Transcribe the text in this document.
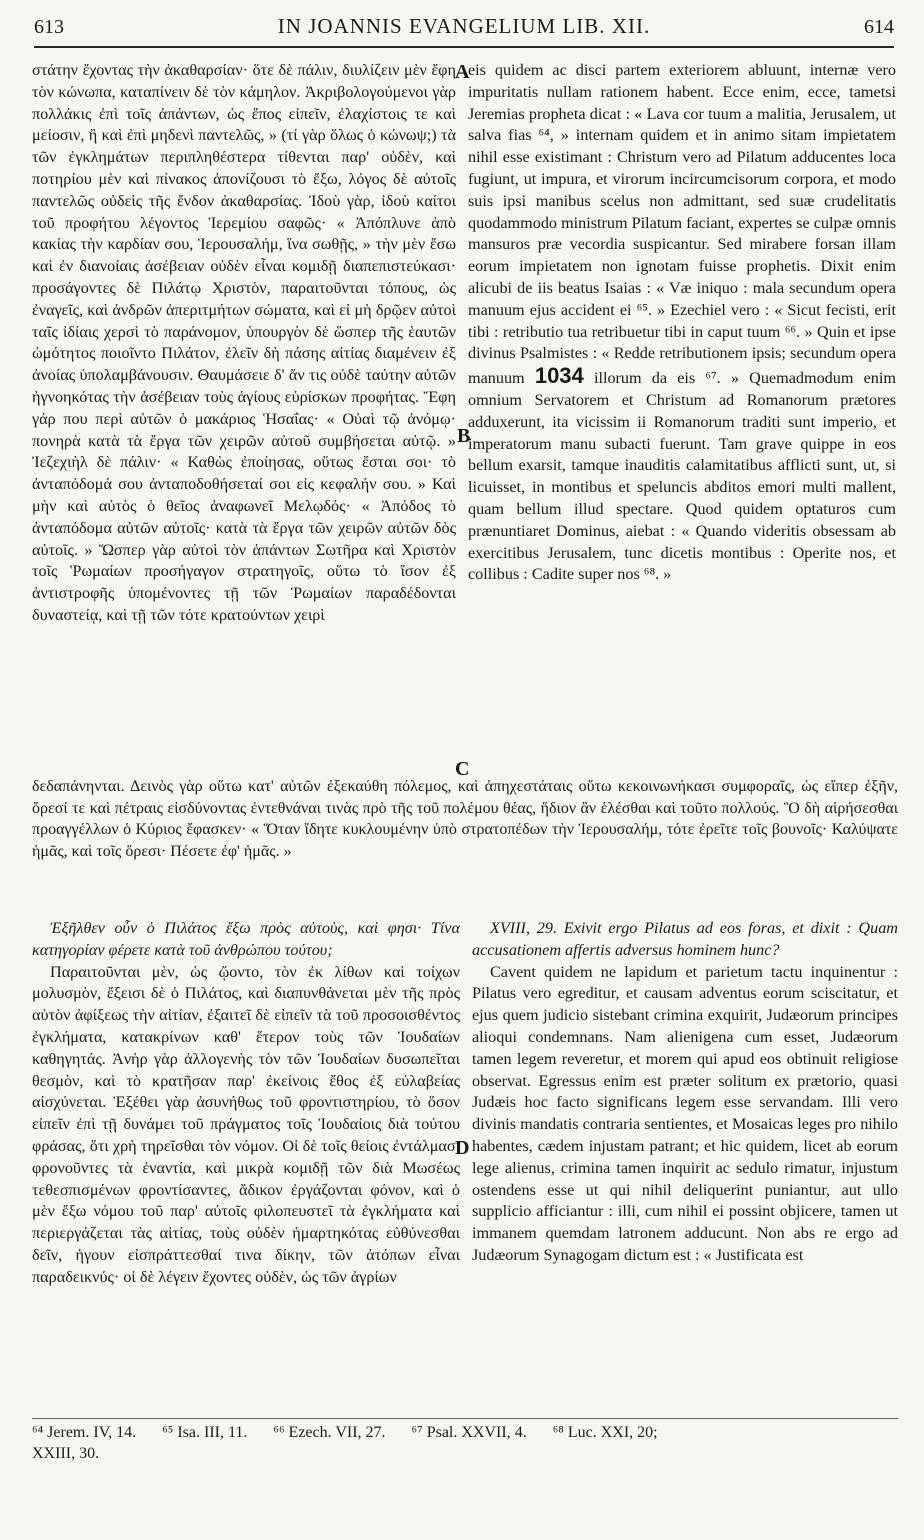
613	IN JOANNIS EVANGELIUM LIB. XII.	614

στάτην ἔχοντας τὴν ἀκαθαρσίαν· ὅτε δὲ πάλιν, διυλίζειν μὲν ἔφη τὸν κώνωπα, καταπίνειν δὲ τὸν κάμηλον. Ἀκριβολογούμενοι γὰρ πολλάκις ἐπὶ τοῖς ἀπάντων, ὡς ἔπος εἰπεῖν, ἐλαχίστοις τε καὶ μείοσιν, ἢ καὶ ἐπὶ μηδενὶ παντελῶς, » (τί γὰρ ὅλως ὁ κώνωψ;) τὰ τῶν ἐγκλημάτων περιπληθέστερα τίθενται παρ' οὐδὲν, καὶ ποτηρίου μὲν καὶ πίνακος ἀπονίζουσι τὸ ἔξω, λόγος δὲ αὐτοῖς παντελῶς οὐδεὶς τῆς ἔνδον ἀκαθαρσίας. Ἰδοὺ γὰρ, ἰδοὺ καίτοι τοῦ προφήτου λέγοντος Ἱερεμίου σαφῶς· « Ἀπόπλυνε ἀπὸ κακίας τὴν καρδίαν σου, Ἱερουσαλήμ, ἵνα σωθῇς, » τὴν μὲν ἔσω καὶ ἐν διανοίαις ἀσέβειαν οὐδὲν εἶναι κομιδῇ διαπεπιστεύκασι· προσάγοντες δὲ Πιλάτῳ Χριστὸν, παραιτοῦνται τόπους, ὡς ἐναγεῖς, καὶ ἀνδρῶν ἀπεριτμήτων σώματα, καὶ εἰ μὴ δρῷεν αὐτοὶ ταῖς ἰδίαις χερσὶ τὸ παράνομον, ὑπουργὸν δὲ ὥσπερ τῆς ἑαυτῶν ὠμότητος ποιοῖντο Πιλάτον, ἐλεῖν δὴ πάσης αἰτίας διαμένειν ἐξ ἀνοίας ὑπολαμβάνουσιν. Θαυμάσειε δ' ἄν τις οὐδὲ ταύτην αὐτῶν ἠγνοηκότας τὴν ἀσέβειαν τοὺς ἁγίους εὑρίσκων προφήτας. Ἔφη γάρ που περὶ αὐτῶν ὁ μακάριος Ἡσαΐας· « Οὐαὶ τῷ ἀνόμῳ· πονηρὰ κατὰ τὰ ἔργα τῶν χειρῶν αὐτοῦ συμβήσεται αὐτῷ. » Ἰεζεχιὴλ δὲ πάλιν· « Καθὼς ἐποίησας, οὕτως ἔσται σοι· τὸ ἀνταπόδομά σου ἀνταποδοθήσεταί σοι εἰς κεφαλήν σου. » Καὶ μὴν καὶ αὐτὸς ὁ θεῖος ἀναφωνεῖ Μελῳδός· « Ἀπόδος τὸ ἀνταπόδομα αὐτῶν αὐτοῖς· κατὰ τὰ ἔργα τῶν χειρῶν αὐτῶν δὸς αὐτοῖς. » Ὥσπερ γὰρ αὐτοὶ τὸν ἁπάντων Σωτῆρα καὶ Χριστὸν τοῖς Ῥωμαίων προσήγαγον στρατηγοῖς, οὕτω τὸ ἴσον ἐξ ἀντιστροφῆς ὑπομένοντες τῇ τῶν Ῥωμαίων παραδέδονται δυναστείᾳ, καὶ τῇ τῶν τότε κρατούντων χειρὶ

eis quidem ac disci partem exteriorem abluunt, internæ vero impuritatis nullam rationem habent. Ecce enim, ecce, tametsi Jeremias propheta dicat : « Lava cor tuum a malitia, Jerusalem, ut salva fias ⁶⁴, » internam quidem et in animo sitam impietatem nihil esse existimant : Christum vero ad Pilatum adducentes loca fugiunt, ut impura, et virorum incircumcisorum corpora, et modo suis ipsi manibus scelus non admittant, sed suæ crudelitatis quodammodo ministrum Pilatum faciant, expertes se culpæ omnis mansuros præ vecordia suspicantur. Sed mirabere forsan illam eorum impietatem non ignotam fuisse prophetis. Dixit enim alicubi de iis beatus Isaias : « Væ iniquo : mala secundum opera manuum ejus accident ei ⁶⁵. » Ezechiel vero : « Sicut fecisti, erit tibi : retributio tua retribuetur tibi in caput tuum ⁶⁶. » Quin et ipse divinus Psalmistes : « Redde retributionem ipsis; secundum opera manuum 1034 illorum da eis ⁶⁷. » Quemadmodum enim omnium Servatorem et Christum ad Romanorum prætores adduxerunt, ita vicissim ii Romanorum traditi sunt imperio, et imperatorum manu subacti fuerunt. Tam grave quippe in eos bellum exarsit, tamque inauditis calamitatibus afflicti sunt, ut, si licuisset, in montibus et speluncis abditos emori multi mallent, quam bellum illud spectare. Quod quidem optaturos cum prænuntiaret Dominus, aiebat : « Quando videritis obsessam ab exercitibus Jerusalem, tunc dicetis montibus : Operite nos, et collibus : Cadite super nos ⁶⁸. »

δεδαπάνηνται. Δεινὸς γὰρ οὕτω κατ' αὐτῶν ἐξεκαύθη πόλεμος, καὶ ἀπηχεστάταις οὕτω κεκοινωνήκασι συμφοραῖς, ὡς εἴπερ ἐξῆν, ὄρεσί τε καὶ πέτραις εἰσδύνοντας ἐντεθνάναι τινὰς πρὸ τῆς τοῦ πολέμου θέας, ἥδιον ἂν ἑλέσθαι καὶ τοῦτο πολλούς. Ὃ δὴ αἱρήσεσθαι προαγγέλλων ὁ Κύριος ἔφασκεν· « Ὅταν ἴδητε κυκλουμένην ὑπὸ στρατοπέδων τὴν Ἱερουσαλήμ, τότε ἐρεῖτε τοῖς βουνοῖς· Καλύψατε ἡμᾶς, καὶ τοῖς ὄρεσι· Πέσετε ἐφ' ἡμᾶς. »

Ἐξῆλθεν οὖν ὁ Πιλάτος ἔξω πρὸς αὐτοὺς, καὶ φησι· Τίνα κατηγορίαν φέρετε κατὰ τοῦ ἀνθρώπου τούτου;

Παραιτοῦνται μὲν, ὡς ᾤοντο, τὸν ἐκ λίθων καὶ τοίχων μολυσμὸν, ἔξεισι δὲ ὁ Πιλάτος, καὶ διαπυνθάνεται μὲν τῆς πρὸς αὐτὸν ἀφίξεως τὴν αἰτίαν, ἐξαιτεῖ δὲ εἰπεῖν τὰ τοῦ προσοισθέντος ἐγκλήματα, κατακρίνων καθ' ἕτερον τοὺς τῶν Ἰουδαίων καθηγητάς. Ἀνὴρ γὰρ ἀλλογενὴς τὸν τῶν Ἰουδαίων δυσωπεῖται θεσμὸν, καὶ τὸ κρατῆσαν παρ' ἐκείνοις ἔθος ἐξ εὐλαβείας αἰσχύνεται. Ἐξέθει γὰρ ἀσυνήθως τοῦ φροντιστηρίου, τὸ ὅσον εἰπεῖν ἐπὶ τῇ δυνάμει τοῦ πράγματος τοῖς Ἰουδαίοις διὰ τούτου φράσας, ὅτι χρὴ τηρεῖσθαι τὸν νόμον. Οἱ δὲ τοῖς θείοις ἐντάλμασι φρονοῦντες τὰ ἐναντία, καὶ μικρὰ κομιδῇ τῶν διὰ Μωσέως τεθεσπισμένων φροντίσαντες, ἄδικον ἐργάζονται φόνον, καὶ ὁ μὲν ἔξω νόμου τοῦ παρ' αὐτοῖς φιλοπευστεῖ τὰ ἐγκλήματα καὶ περιεργάζεται τὰς αἰτίας, τοὺς οὐδὲν ἡμαρτηκότας εὐθύνεσθαι δεῖν, ἡγουν εἰσπράττεσθαί τινα δίκην, τῶν ἀτόπων εἶναι παραδεικνύς· οἱ δὲ λέγειν ἔχοντες οὐδὲν, ὡς τῶν ἀγρίων

XVIII, 29. Exivit ergo Pilatus ad eos foras, et dixit : Quam accusationem affertis adversus hominem hunc?

Cavent quidem ne lapidum et parietum tactu inquinentur : Pilatus vero egreditur, et causam adventus eorum sciscitatur, et ejus quem judicio sistebant crimina exquirit, Judæorum principes alioqui condemnans. Nam alienigena cum esset, Judæorum tamen legem reveretur, et morem qui apud eos obtinuit religiose observat. Egressus enim est præter solitum ex prætorio, quasi Judæis hoc facto significans legem esse servandam. Illi vero divinis mandatis contraria sentientes, et Mosaicas leges pro nihilo habentes, cædem injustam patrant; et hic quidem, licet ab eorum lege alienus, crimina tamen inquirit ac sedulo rimatur, injustum ostendens esse ut qui nihil deliquerint puniantur, aut ullo supplicio afficiantur : illi, cum nihil ei possint objicere, tamen ut immanem quemdam latronem adducunt. Non abs re ergo ad Judæorum Synagogam dictum est : « Justificata est

A
B
C
D
⁶⁴ Jerem. IV, 14. ⁶⁵ Isa. III, 11. ⁶⁶ Ezech. VII, 27. ⁶⁷ Psal. XXVII, 4. ⁶⁸ Luc. XXI, 20;
XXIII, 30.
